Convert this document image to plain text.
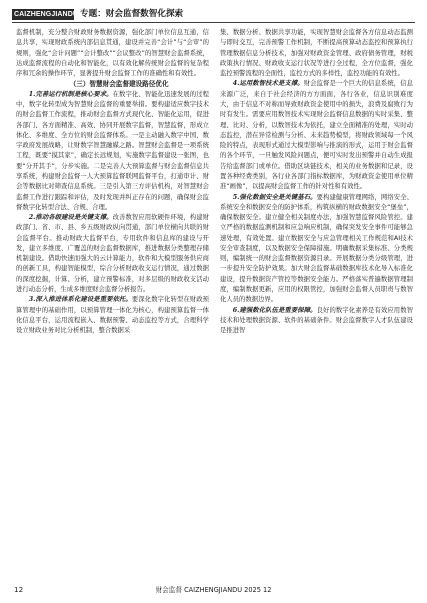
CAIZHENGJIANDU 专题：财会监督数智化探索

监督机制，充分整合财政财务数据资源，强化部门单位信息互通，信息共享，实现财政系统内部信息贯通，建设并完善“会计”与“会审”的规则，强化“会计问题”“会计整改”“会议整改”的智慧财会监督系统，达成监督流程的自动化和智能化，以有效化解传统财会监督的复杂程序和冗余的操作环节，显著提升财会监督工作的准确性和有效性。

（三）智慧财会监督建设路径优化

1.完善运行机制是核心要求。在数字化、智能化迅速发展的过程中，数字化转型成为智慧财会监督的重要举措。要构建适应数字技术的财会监督工作流程，推动财会监督方式现代化、智能化运用，促进各部门、各方面精准、高效、协同开展数字监督，智慧监督，形成立体化、多维度、全方位的财会监督体系。一是主动融入数字中国，数字政府发展战略，让财数字智慧融媒之路。智慧财会监督是一项系统工程，既要“摸其家”，确定长远规划，实施数字监督建设一张图，也要“分开其手”，分步实施。二是完善人大预算监督与财会监督信息共享系统，构建财会监督一人大预算监督联网监督平台，打通审计、财会等数据比对筛查信息系统。三是引入第三方评估机构，对智慧财会监督工作进行跟踪和评估，及时发现并纠正存在的问题，确保财会监督数字化转型合法、合规、合理。

2.推动各级建设是关键支撑。改善数智应用软硬件环境，构建财政部门、省、市、县、乡五级财政纵向贯通，部门单位横向共联的财会监督平台。推动财政大监督平台，专用软件和信息库的建设与开发，建立多维度、广覆盖的财会监督数据库，推进数据分类整理存储机制建设。借助快速而强大的云计算能力，软件和大模型服务供应商的创新工具，构建智能模型，综合分析财政收支运行情况，通过数据的深度挖掘，计算、分析，建立预警标准，对多层级的财政收支活动进行动态分析，生成多维度财会监督分析报告。

3.深入推进体系化建设是重要依托。要深化数字化转型在财政预算管理中的基础作用，以预算管理一体化为核心，构建预算监督一体化信息平台，运用流程嵌入、数据预警、动态监控等方式，合理科学设立财政业务对比分析机制，整合数据采

集、数据分析、数据共享功能，实现智慧财会监督各方信息动态监测与即时交互，完善预警工作机制，不断提高预算动态监控和预算执行管理数据信息分析技术，加强对财政资金管理、政府债务管理，财税政策执行情况、财政收支运行状况等进行全过程，全方位监督，强化监控预警流程的全面性，监控方式的多样性，监控功能的有效性。

4.运用数智技术是支撑。财会监督是一个巨大的信息系统，信息来源广泛，来自于社会经济的方方面面，各行各业，信息识别难度大，由于信息不对称而导致财政资金使用中的损失，浪费及腐败行为时有发生。需要应用数智技术实现财会监督信息数据的实时采集、整理、比对、分析，以数智技术为依托，建立全面精准的处理，实时动态监控，潜在异常检测与分析、未来趋势模型，将财政领域每一个风险的特点，表现形式通过大模型影响与推演的形式，运用于财会监督的各个环节，一旦触发风险问题点，便可实时发出预警并自动生成报告给监督部门或单位。借助区块链技术，相关的业务数据和记录，设置各种经费类别，各行业各部门指标数据库，为财政资金使用单位精准“画像”，以提高财会监督工作的针对性和有效性。

5.强化数据安全是关键基石。要构建健康管理网络，网络安全、系统安全和数据安全的防护体系，构筑纵横的财政数据安全“堡垒”，确保数据安全。建立健全相关制度办法，加强智慧监督风险管控。建立严格的数据监测机制和应急响应机制，确保突发安全事件可能够急速处理，有效处置。建立数据安全与应急管理相关工作规范和AI技术安全审查制度，以及数据安全保障措施。明确数据采集标准、分类规则，编制统一的财会监督数据资源目录。开展数据分类分级管理，进一步提升安全防护效果。加大财会监督基础数据库技术化导入标准化建设，提升数据资产管控等数据安全能力。严格落实普遍数据管理制度，编制数据更新，应用的权限管控，加强财会监督人员职责与数智化人员的数据边界。

6.建强数化队伍是重要保障。良好的数字化素养是有效应用数智技术和处理数据资源、软件的基础条件。财会监督数字人才队伍建设是推进智

12	财会监督 CAIZHENGJIANDU 2025 12
